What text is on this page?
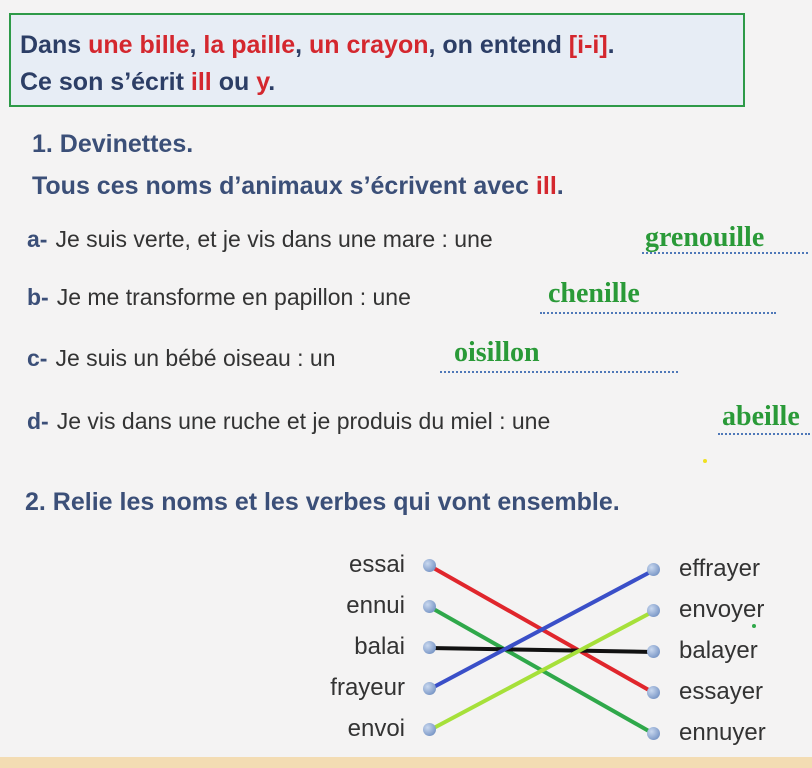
Dans une bille, la paille, un crayon, on entend [i-i].
Ce son s’écrit ill ou y.
1. Devinettes.
Tous ces noms d’animaux s’écrivent avec ill.
a- Je suis verte, et je vis dans une mare : une	grenouille
b- Je me transforme en papillon : une	chenille
c- Je suis un bébé oiseau : un	oisillon
d- Je vis dans une ruche et je produis du miel : une	abeille
2. Relie les noms et les verbes qui vont ensemble.
essai
ennui
balai
frayeur
envoi
effrayer
envoyer
balayer
essayer
ennuyer
